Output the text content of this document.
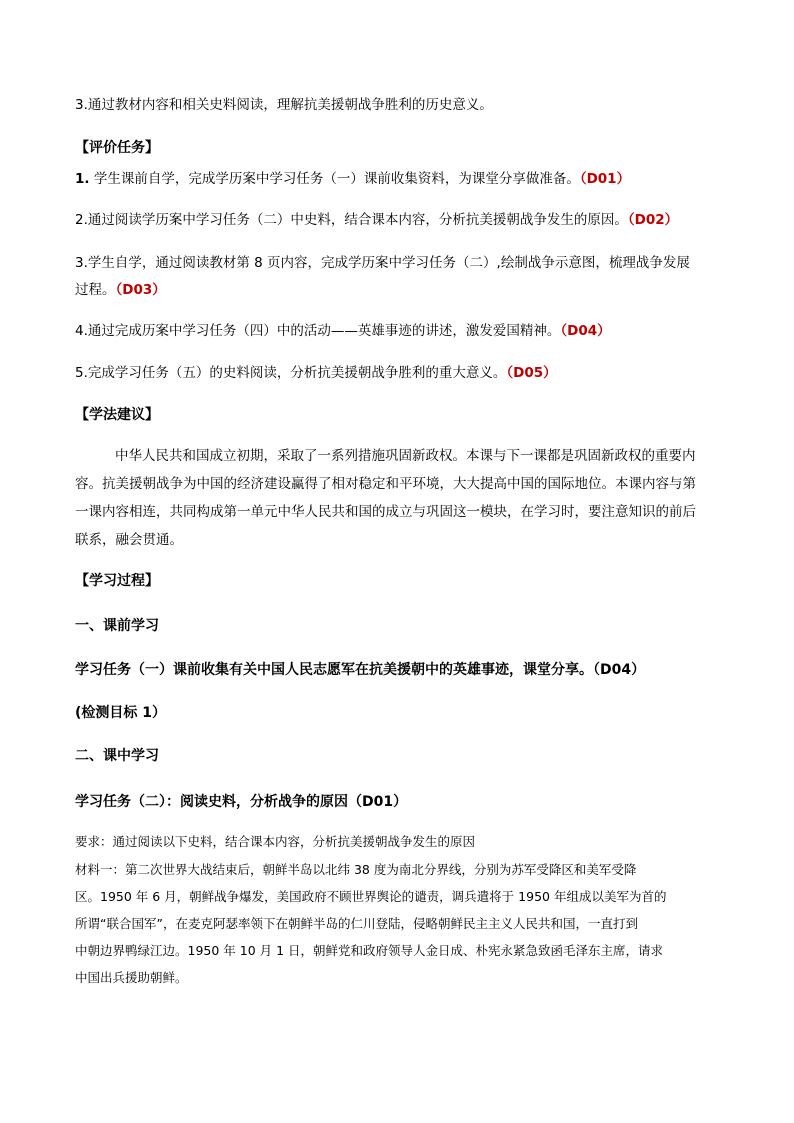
3.通过教材内容和相关史料阅读，理解抗美援朝战争胜利的历史意义。
【评价任务】
1. 学生课前自学，完成学历案中学习任务（一）课前收集资料，为课堂分享做准备。（D01）
2.通过阅读学历案中学习任务（二）中史料，结合课本内容，分析抗美援朝战争发生的原因。（D02）
3.学生自学，通过阅读教材第 8 页内容，完成学历案中学习任务（二）,绘制战争示意图，梳理战争发展
过程。（D03）
4.通过完成历案中学习任务（四）中的活动——英雄事迹的讲述，激发爱国精神。（D04）
5.完成学习任务（五）的史料阅读，分析抗美援朝战争胜利的重大意义。（D05）
【学法建议】
中华人民共和国成立初期，采取了一系列措施巩固新政权。本课与下一课都是巩固新政权的重要内
容。抗美援朝战争为中国的经济建设赢得了相对稳定和平环境，大大提高中国的国际地位。本课内容与第
一课内容相连，共同构成第一单元中华人民共和国的成立与巩固这一模块，在学习时，要注意知识的前后
联系，融会贯通。
【学习过程】
一、课前学习
学习任务（一）课前收集有关中国人民志愿军在抗美援朝中的英雄事迹，课堂分享。（D04）
(检测目标 1）
二、课中学习
学习任务（二）：阅读史料，分析战争的原因（D01）
要求：通过阅读以下史料，结合课本内容，分析抗美援朝战争发生的原因
材料一：第二次世界大战结束后，朝鲜半岛以北纬 38 度为南北分界线，分别为苏军受降区和美军受降
区。1950 年 6 月，朝鲜战争爆发，美国政府不顾世界舆论的谴责，调兵遣将于 1950 年组成以美军为首的
所谓“联合国军”，在麦克阿瑟率领下在朝鲜半岛的仁川登陆，侵略朝鲜民主主义人民共和国，一直打到
中朝边界鸭绿江边。1950 年 10 月 1 日，朝鲜党和政府领导人金日成、朴宪永紧急致函毛泽东主席，请求
中国出兵援助朝鲜。
